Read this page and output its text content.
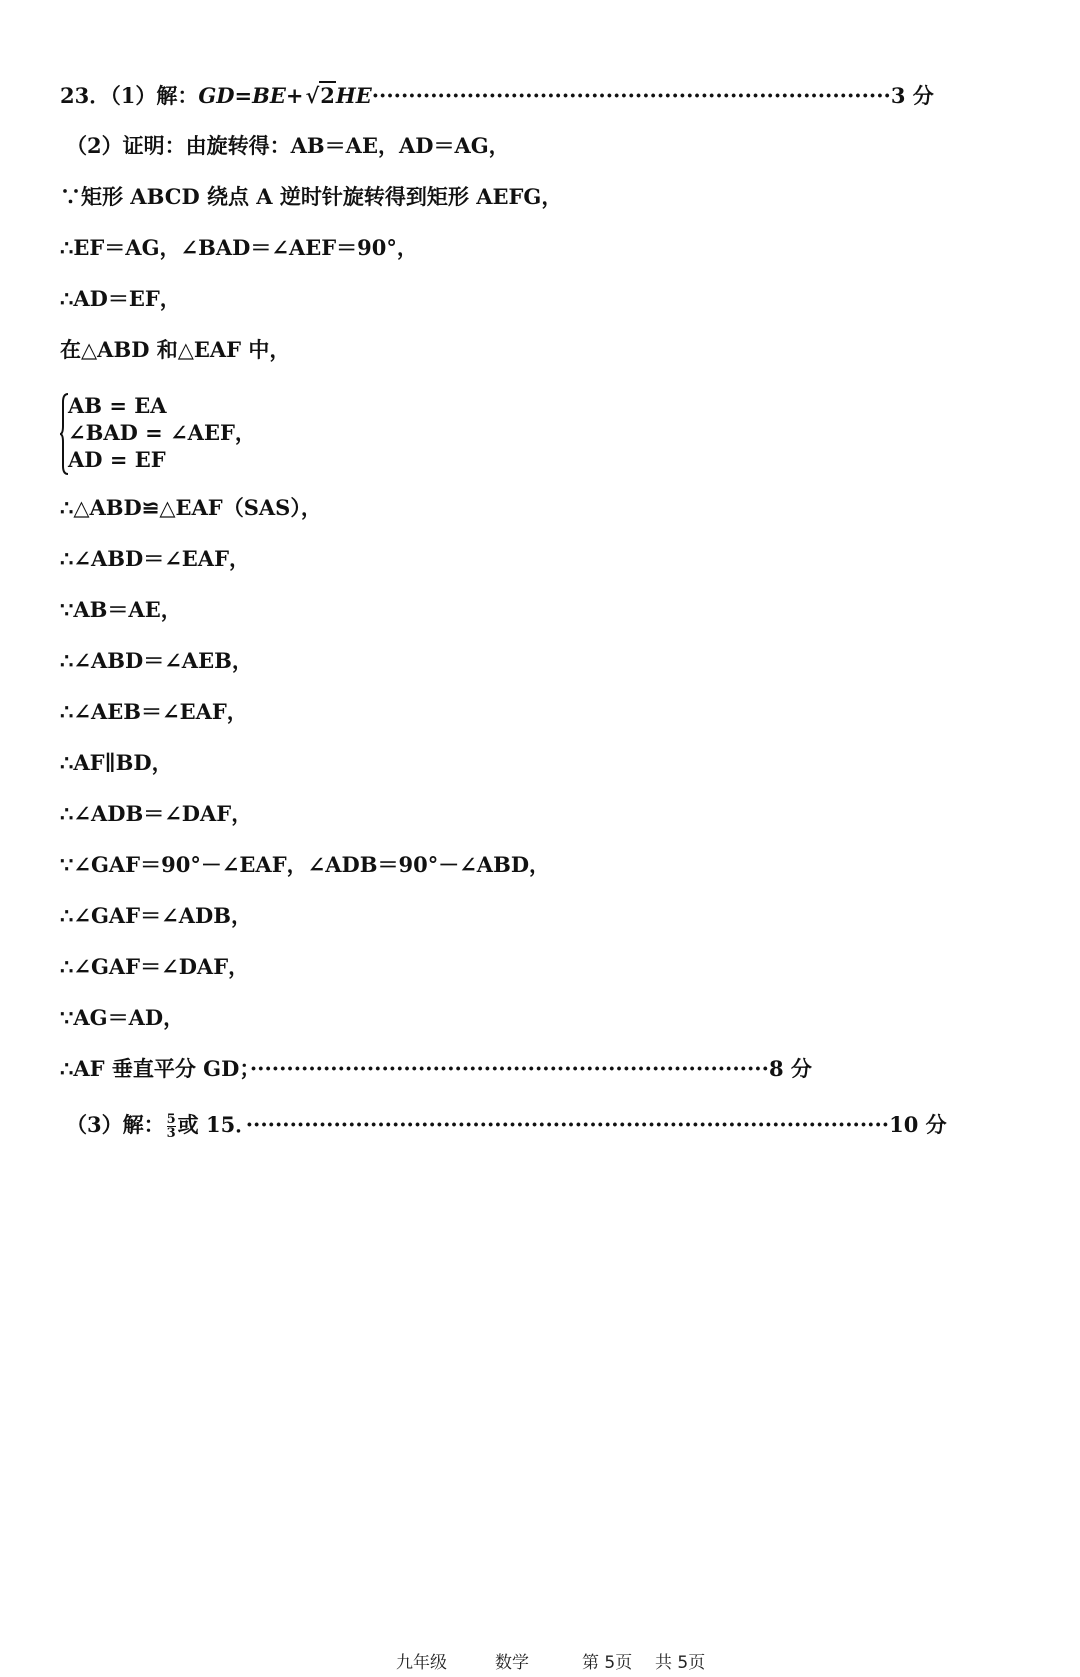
23．（1）解：GD=BE+√2HE·······································································3 分
（2）证明：由旋转得：AB＝AE，AD＝AG，
∵矩形 ABCD 绕点 A 逆时针旋转得到矩形 AEFG，
∴EF＝AG，∠BAD＝∠AEF＝90°，
∴AD＝EF，
在△ABD 和△EAF 中，
AB = EA
∠BAD = ∠AEF，
AD = EF
∴△ABD≌△EAF（SAS），
∴∠ABD＝∠EAF，
∵AB＝AE，
∴∠ABD＝∠AEB，
∴∠AEB＝∠EAF，
∴AF∥BD，
∴∠ADB＝∠DAF，
∵∠GAF＝90°－∠EAF，∠ADB＝90°－∠ABD，
∴∠GAF＝∠ADB，
∴∠GAF＝∠DAF，
∵AG＝AD，
∴AF 垂直平分 GD；·······································································8 分
（3）解： $\frac{5}{3}$ 或 15．························································································10 分
九年级	数学	第 5页 共 5页
